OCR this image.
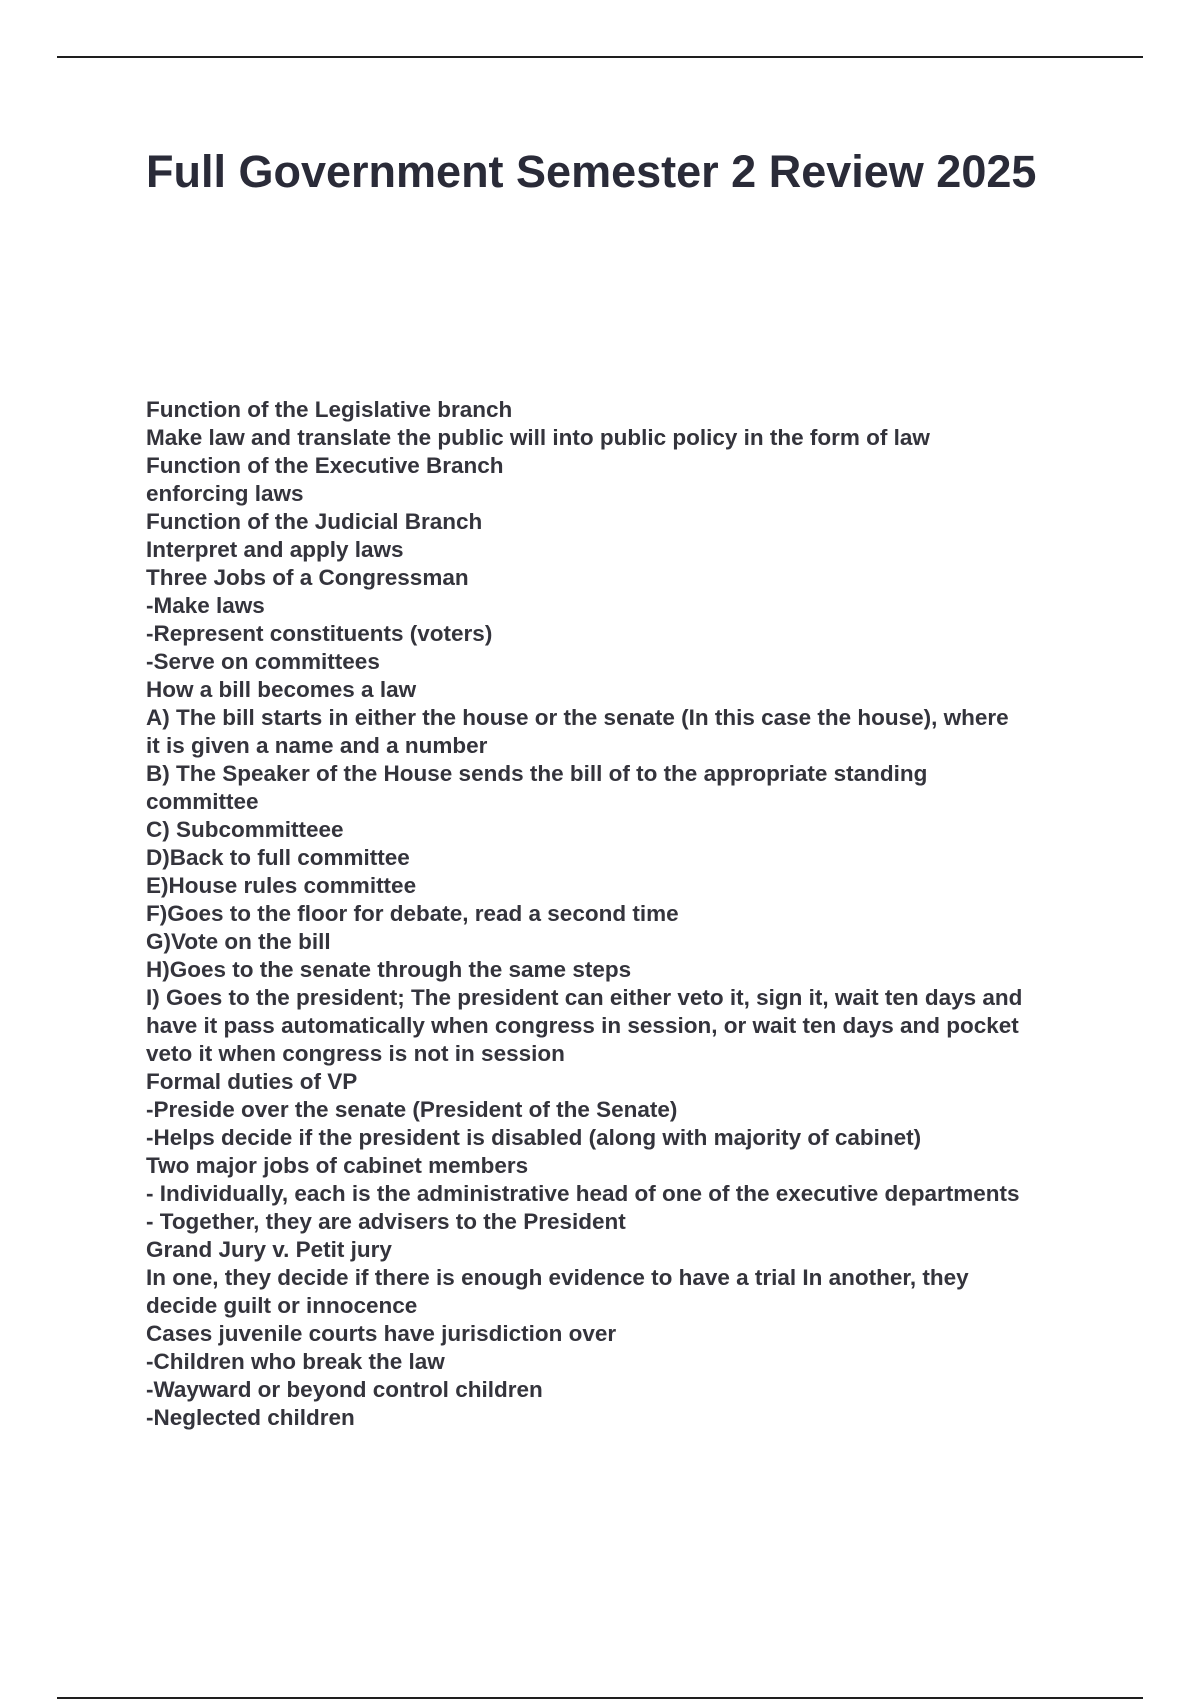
Full Government Semester 2 Review 2025
Function of the Legislative branch
Make law and translate the public will into public policy in the form of law
Function of the Executive Branch
enforcing laws
Function of the Judicial Branch
Interpret and apply laws
Three Jobs of a Congressman
-Make laws
-Represent constituents (voters)
-Serve on committees
How a bill becomes a law
A) The bill starts in either the house or the senate (In this case the house), where
it is given a name and a number
B) The Speaker of the House sends the bill of to the appropriate standing
committee
C) Subcommitteee
D)Back to full committee
E)House rules committee
F)Goes to the floor for debate, read a second time
G)Vote on the bill
H)Goes to the senate through the same steps
I) Goes to the president; The president can either veto it, sign it, wait ten days and
have it pass automatically when congress in session, or wait ten days and pocket
veto it when congress is not in session
Formal duties of VP
-Preside over the senate (President of the Senate)
-Helps decide if the president is disabled (along with majority of cabinet)
Two major jobs of cabinet members
- Individually, each is the administrative head of one of the executive departments
- Together, they are advisers to the President
Grand Jury v. Petit jury
In one, they decide if there is enough evidence to have a trial In another, they
decide guilt or innocence
Cases juvenile courts have jurisdiction over
-Children who break the law
-Wayward or beyond control children
-Neglected children
